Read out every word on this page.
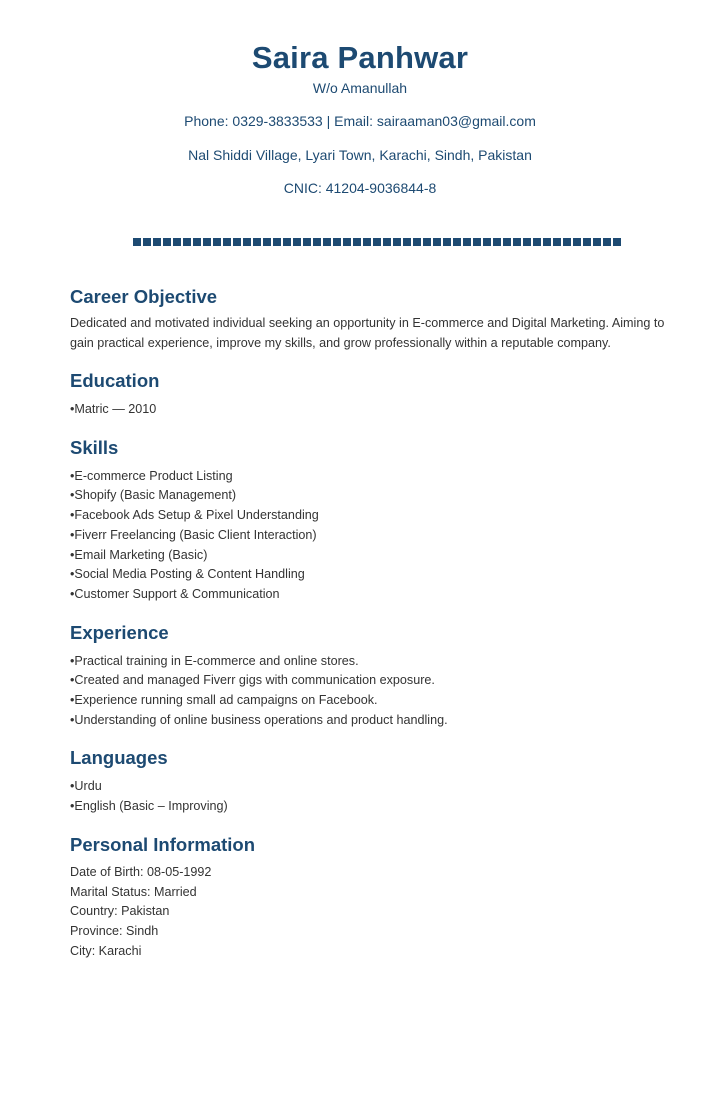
Saira Panhwar

W/o Amanullah

Phone: 0329-3833533 | Email: sairaaman03@gmail.com

Nal Shiddi Village, Lyari Town, Karachi, Sindh, Pakistan

CNIC: 41204-9036844-8

Career Objective

Dedicated and motivated individual seeking an opportunity in E-commerce and Digital Marketing. Aiming to gain practical experience, improve my skills, and grow professionally within a reputable company.

Education
• Matric — 2010
Skills
• E-commerce Product Listing
• Shopify (Basic Management)
• Facebook Ads Setup & Pixel Understanding
• Fiverr Freelancing (Basic Client Interaction)
• Email Marketing (Basic)
• Social Media Posting & Content Handling
• Customer Support & Communication
Experience
• Practical training in E-commerce and online stores.
• Created and managed Fiverr gigs with communication exposure.
• Experience running small ad campaigns on Facebook.
• Understanding of online business operations and product handling.
Languages
• Urdu
• English (Basic – Improving)
Personal Information
Date of Birth: 08-05-1992
Marital Status: Married
Country: Pakistan
Province: Sindh
City: Karachi
